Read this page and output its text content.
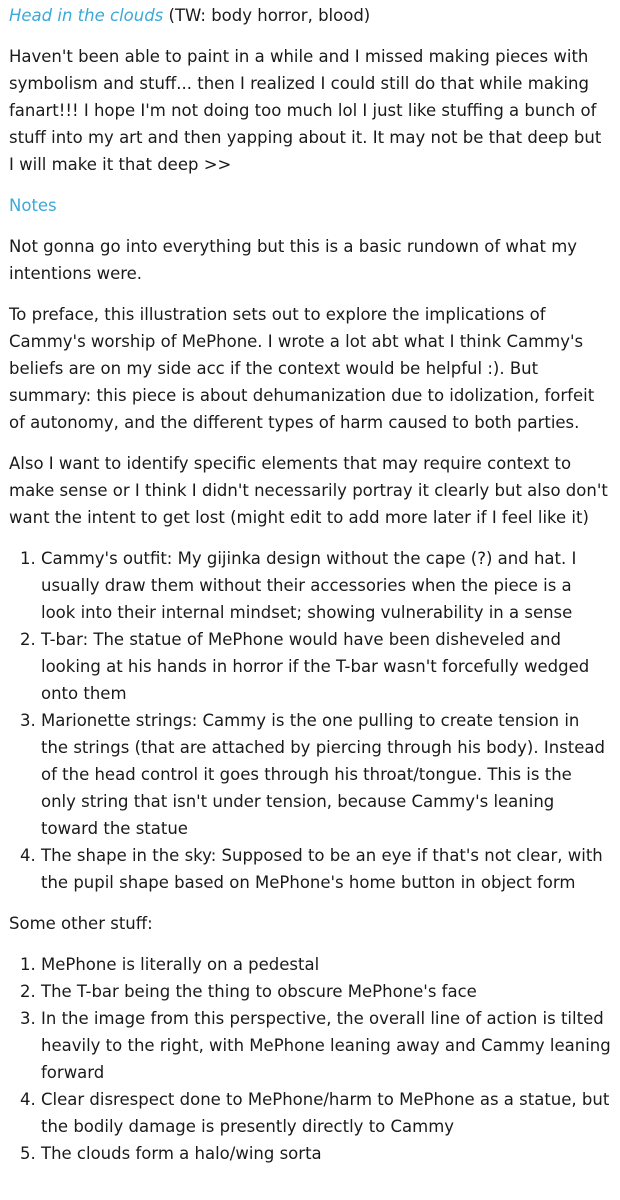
Head in the clouds (TW: body horror, blood)

Haven't been able to paint in a while and I missed making pieces with symbolism and stuff... then I realized I could still do that while making fanart!!! I hope I'm not doing too much lol I just like stuffing a bunch of stuff into my art and then yapping about it. It may not be that deep but I will make it that deep >>

Notes

Not gonna go into everything but this is a basic rundown of what my intentions were.

To preface, this illustration sets out to explore the implications of Cammy's worship of MePhone. I wrote a lot abt what I think Cammy's beliefs are on my side acc if the context would be helpful :). But summary: this piece is about dehumanization due to idolization, forfeit of autonomy, and the different types of harm caused to both parties.

Also I want to identify specific elements that may require context to make sense or I think I didn't necessarily portray it clearly but also don't want the intent to get lost (might edit to add more later if I feel like it)

1. Cammy's outfit: My gijinka design without the cape (?) and hat. I usually draw them without their accessories when the piece is a look into their internal mindset; showing vulnerability in a sense
2. T-bar: The statue of MePhone would have been disheveled and looking at his hands in horror if the T-bar wasn't forcefully wedged onto them
3. Marionette strings: Cammy is the one pulling to create tension in the strings (that are attached by piercing through his body). Instead of the head control it goes through his throat/tongue. This is the only string that isn't under tension, because Cammy's leaning toward the statue
4. The shape in the sky: Supposed to be an eye if that's not clear, with the pupil shape based on MePhone's home button in object form

Some other stuff:

1. MePhone is literally on a pedestal
2. The T-bar being the thing to obscure MePhone's face
3. In the image from this perspective, the overall line of action is tilted heavily to the right, with MePhone leaning away and Cammy leaning forward
4. Clear disrespect done to MePhone/harm to MePhone as a statue, but the bodily damage is presently directly to Cammy
5. The clouds form a halo/wing sorta
